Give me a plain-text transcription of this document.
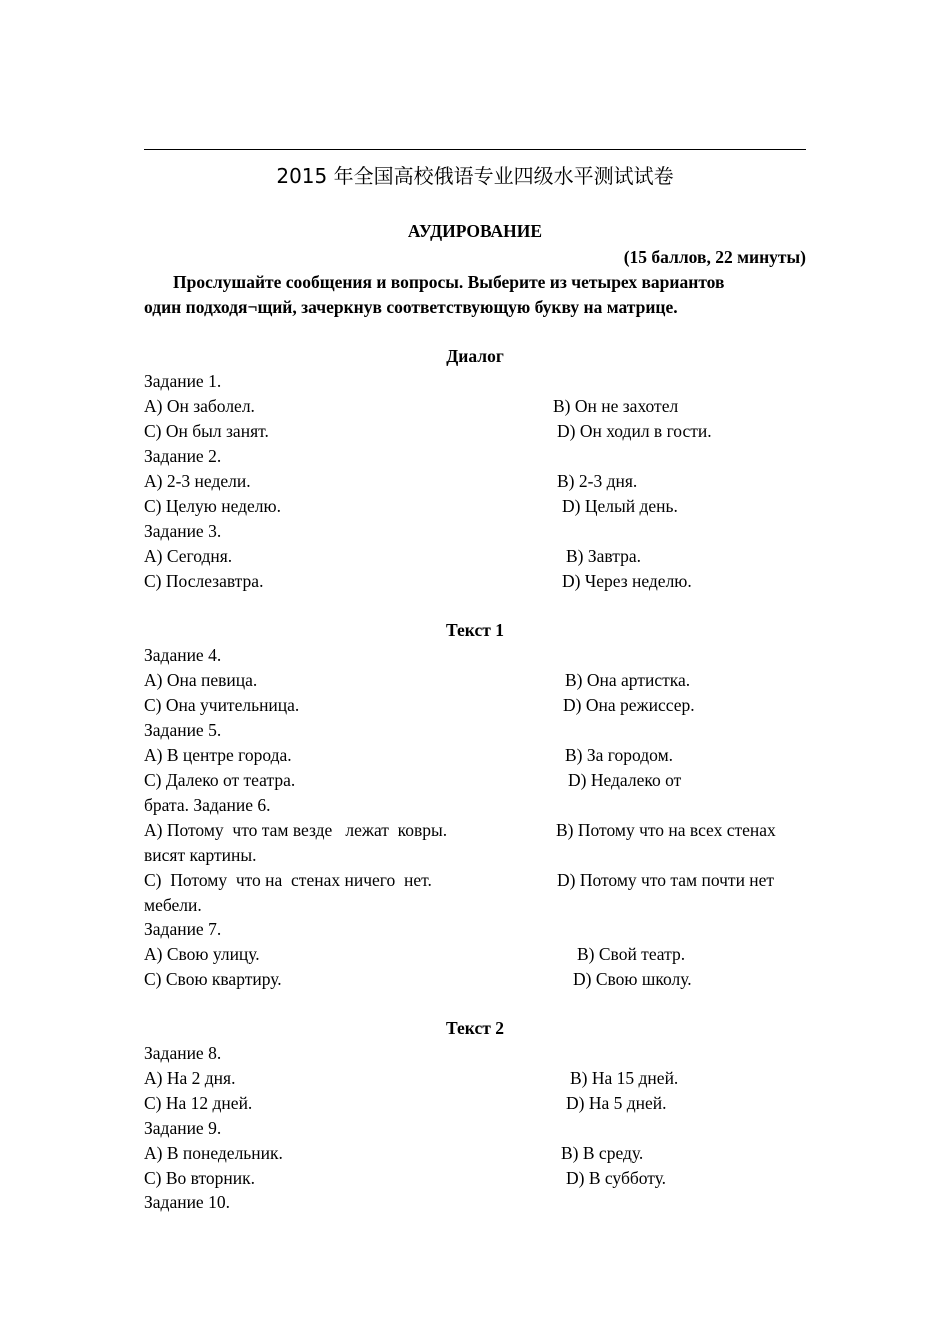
2015 年全国高校俄语专业四级水平测试试卷
АУДИРОВАНИЕ
(15 баллов, 22 минуты)
Прослушайте сообщения и вопросы. Выберите из четырех вариантов
один подходя¬щий, зачеркнув соответствующую букву на матрице.
Диалог
Задание 1.
A) Он заболел.	B) Он не захотел
C) Он был занят.	D) Он ходил в гости.
Задание 2.
A) 2-3 недели.	B) 2-3 дня.
C) Целую неделю.	D) Целый день.
Задание 3.
A) Сегодня.	B) Завтра.
C) Послезавтра.	D) Через неделю.
Текст 1
Задание 4.
A) Она певица.	B) Она артистка.
C) Она учительница.	D) Она режиссер.
Задание 5.
A) В центре города.	B) За городом.
C) Далеко от театра.	D) Недалеко от
брата. Задание 6.
A) Потому  что там везде   лежат  ковры.	B) Потому что на всех стенах
висят картины.
C)  Потому  что на  стенах ничего  нет.	D) Потому что там почти нет
мебели.
Задание 7.
A) Свою улицу.	B) Свой театр.
C) Свою квартиру.	D) Свою школу.
Текст 2
Задание 8.
A) На 2 дня.	B) На 15 дней.
C) На 12 дней.	D) На 5 дней.
Задание 9.
A) В понедельник.	B) В среду.
C) Во вторник.	D) В субботу.
Задание 10.
